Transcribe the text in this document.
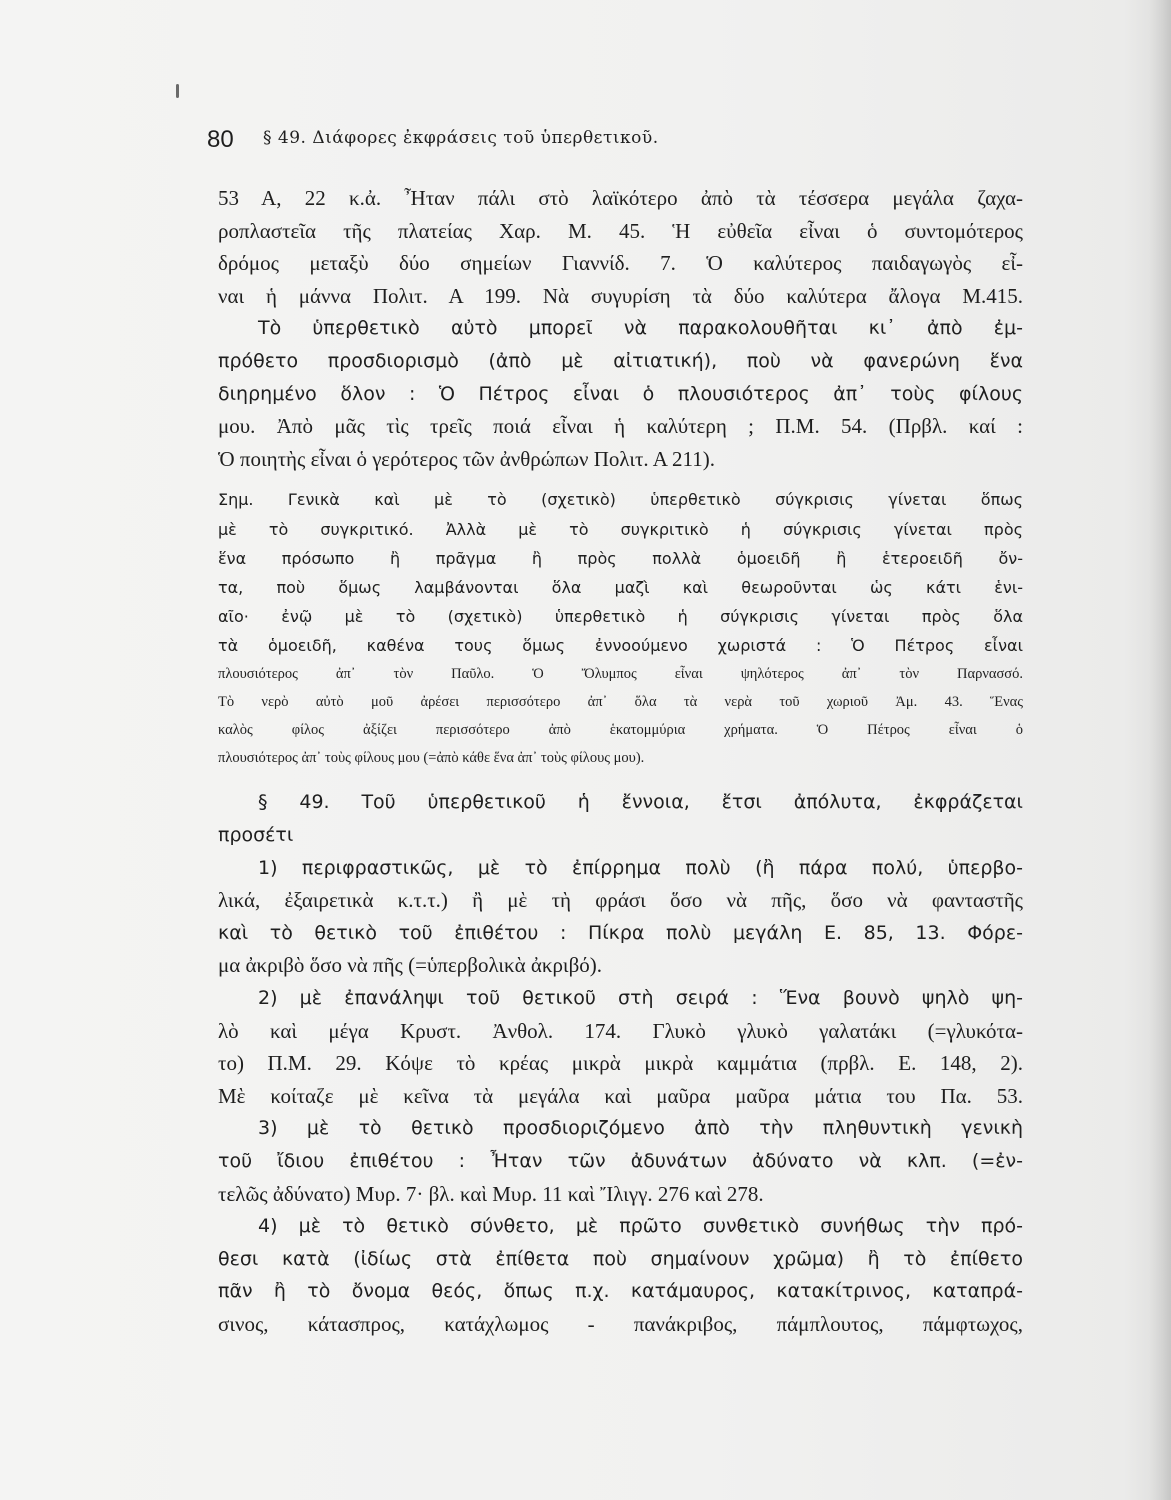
80 § 49. Διάφορες ἐκφράσεις τοῦ ὑπερθετικοῦ.
53 Α, 22 κ.ἀ. Ἦταν πάλι στὸ λαϊκότερο ἀπὸ τὰ τέσσερα μεγάλα ζαχα-
ροπλαστεῖα τῆς πλατείας Χαρ. Μ. 45. Ἡ εὐθεῖα εἶναι ὁ συντομότερος
δρόμος μεταξὺ δύο σημείων Γιαννίδ. 7. Ὁ καλύτερος παιδαγωγὸς εἶ-
ναι ἡ μάννα Πολιτ. Α 199. Νὰ συγυρίση τὰ δύο καλύτερα ἄλογα Μ.415.
Τὸ ὑπερθετικὸ αὐτὸ μπορεῖ νὰ παρακολουθῆται κι᾽ ἀπὸ ἐμ-
πρόθετο προσδιορισμὸ (ἀπὸ μὲ αἰτιατική), ποὺ νὰ φανερώνη ἕνα
διηρημένο ὅλον : Ὁ Πέτρος εἶναι ὁ πλουσιότερος ἀπ᾽ τοὺς φίλους
μου. Ἀπὸ μᾶς τὶς τρεῖς ποιά εἶναι ἡ καλύτερη ; Π.Μ. 54. (Πρβλ. καί :
Ὁ ποιητὴς εἶναι ὁ γερότερος τῶν ἀνθρώπων Πολιτ. Α 211).
Σημ. Γενικὰ καὶ μὲ τὸ (σχετικὸ) ὑπερθετικὸ σύγκρισις γίνεται ὅπως
μὲ τὸ συγκριτικό. Ἀλλὰ μὲ τὸ συγκριτικὸ ἡ σύγκρισις γίνεται πρὸς
ἕνα πρόσωπο ἢ πρᾶγμα ἢ πρὸς πολλὰ ὁμοειδῆ ἢ ἑτεροειδῆ ὄν-
τα, ποὺ ὅμως λαμβάνονται ὅλα μαζὶ καὶ θεωροῦνται ὡς κάτι ἑνι-
αῖο· ἐνῷ μὲ τὸ (σχετικὸ) ὑπερθετικὸ ἡ σύγκρισις γίνεται πρὸς ὅλα
τὰ ὁμοειδῆ, καθένα τους ὅμως ἐννοούμενο χωριστά : Ὁ Πέτρος εἶναι
πλουσιότερος ἀπ᾽ τὸν Παῦλο. Ὁ Ὄλυμπος εἶναι ψηλότερος ἀπ᾽ τὸν Παρνασσό.
Τὸ νερὸ αὐτὸ μοῦ ἀρέσει περισσότερο ἀπ᾽ ὅλα τὰ νερὰ τοῦ χωριοῦ Ἀμ. 43. Ἕνας
καλὸς φίλος ἀξίζει περισσότερο ἀπὸ ἑκατομμύρια χρήματα. Ὁ Πέτρος εἶναι ὁ
πλουσιότερος ἀπ᾽ τοὺς φίλους μου (=ἀπὸ κάθε ἕνα ἀπ᾽ τοὺς φίλους μου).
§ 49. Τοῦ ὑπερθετικοῦ ἡ ἔννοια, ἔτσι ἀπόλυτα, ἐκφράζεται
προσέτι
1) περιφραστικῶς, μὲ τὸ ἐπίρρημα πολὺ (ἢ πάρα πολύ, ὑπερβο-
λικά, ἐξαιρετικὰ κ.τ.τ.) ἢ μὲ τὴ φράσι ὅσο νὰ πῆς, ὅσο νὰ φανταστῆς
καὶ τὸ θετικὸ τοῦ ἐπιθέτου : Πίκρα πολὺ μεγάλη Ε. 85, 13. Φόρε-
μα ἀκριβὸ ὅσο νὰ πῆς (=ὑπερβολικὰ ἀκριβό).
2) μὲ ἐπανάληψι τοῦ θετικοῦ στὴ σειρά : Ἕνα βουνὸ ψηλὸ ψη-
λὸ καὶ μέγα Κρυστ. Ἀνθολ. 174. Γλυκὸ γλυκὸ γαλατάκι (=γλυκότα-
το) Π.Μ. 29. Κόψε τὸ κρέας μικρὰ μικρὰ καμμάτια (πρβλ. Ε. 148, 2).
Μὲ κοίταζε μὲ κεῖνα τὰ μεγάλα καὶ μαῦρα μαῦρα μάτια του Πα. 53.
3) μὲ τὸ θετικὸ προσδιοριζόμενο ἀπὸ τὴν πληθυντικὴ γενικὴ
τοῦ ἴδιου ἐπιθέτου : Ἦταν τῶν ἀδυνάτων ἀδύνατο νὰ κλπ. (=ἐν-
τελῶς ἀδύνατο) Μυρ. 7· βλ. καὶ Μυρ. 11 καὶ Ἴλιγγ. 276 καὶ 278.
4) μὲ τὸ θετικὸ σύνθετο, μὲ πρῶτο συνθετικὸ συνήθως τὴν πρό-
θεσι κατὰ (ἰδίως στὰ ἐπίθετα ποὺ σημαίνουν χρῶμα) ἢ τὸ ἐπίθετο
πᾶν ἢ τὸ ὄνομα θεός, ὅπως π.χ. κατάμαυρος, κατακίτρινος, καταπρά-
σινος, κάτασπρος, κατάχλωμος - πανάκριβος, πάμπλουτος, πάμφτωχος,
